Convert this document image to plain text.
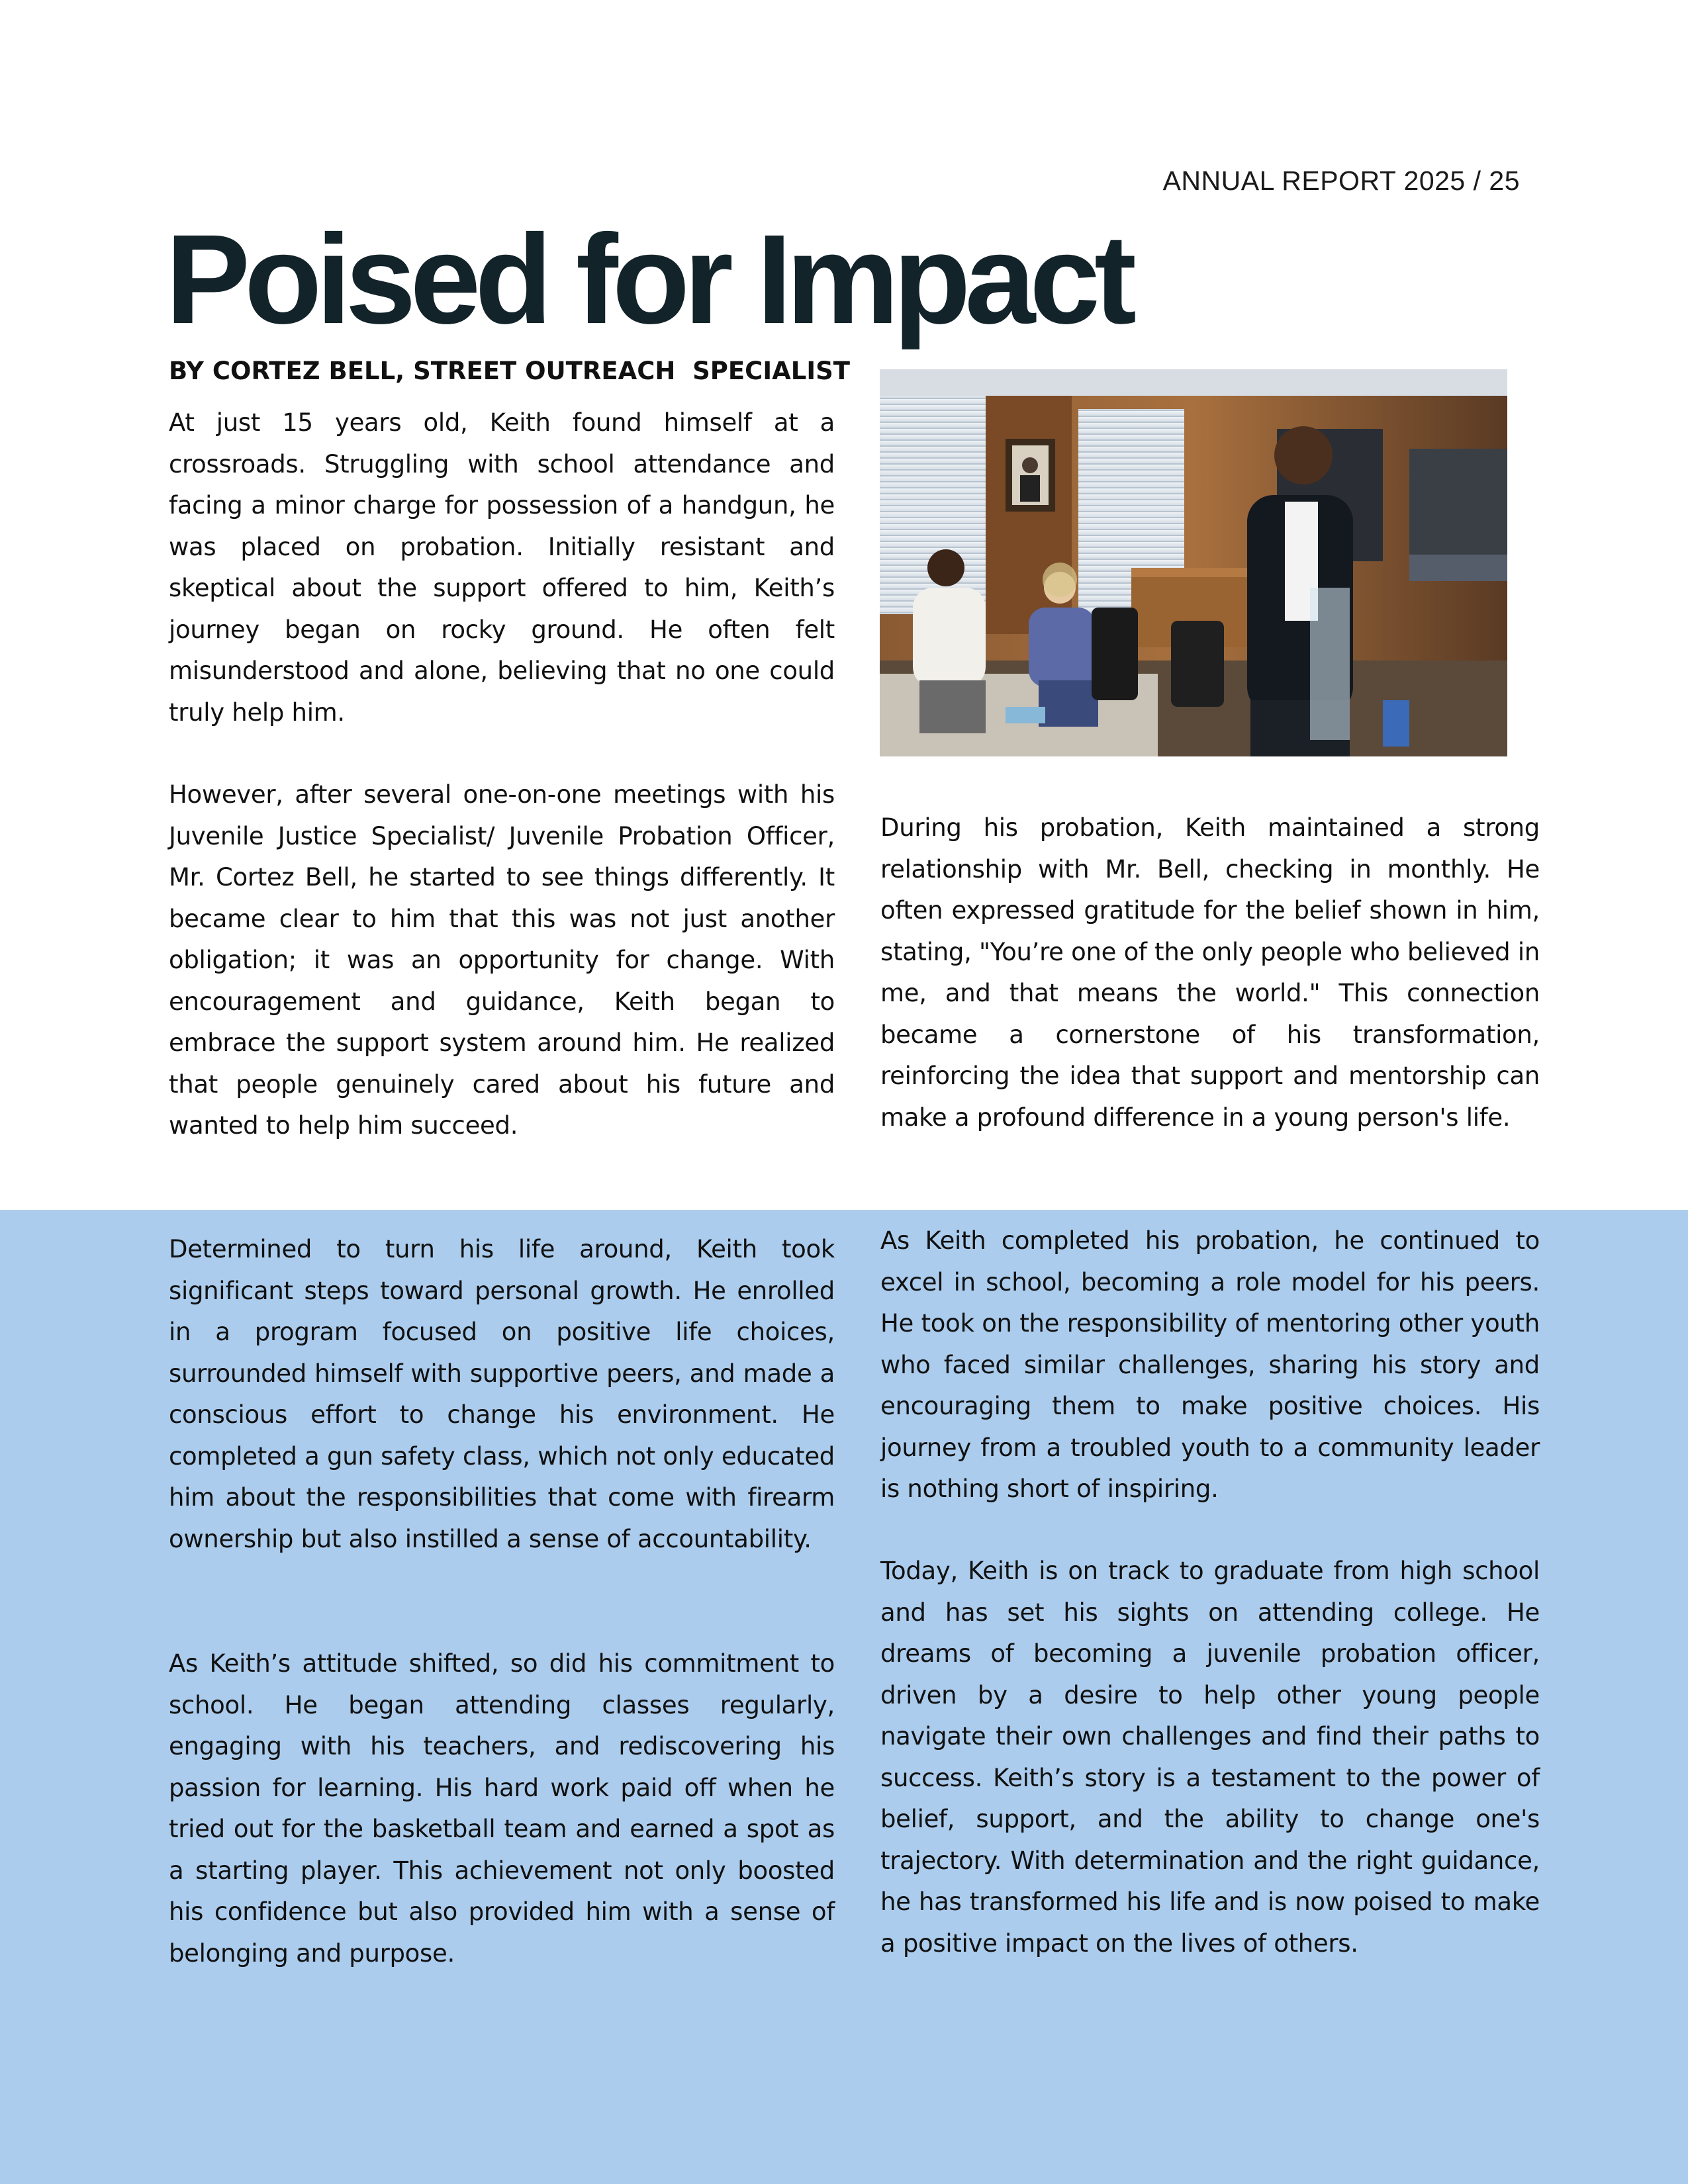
ANNUAL REPORT 2025 / 25
Poised for Impact
BY CORTEZ BELL, STREET OUTREACH  SPECIALIST

At just 15 years old, Keith found himself at a crossroads. Struggling with school attendance and facing a minor charge for possession of a handgun, he was placed on probation. Initially resistant and skeptical about the support offered to him, Keith’s journey began on rocky ground. He often felt misunderstood and alone, believing that no one could truly help him.

However, after several one-on-one meetings with his Juvenile Justice Specialist/ Juvenile Probation Officer, Mr. Cortez Bell, he started to see things differently. It became clear to him that this was not just another obligation; it was an opportunity for change. With encouragement and guidance, Keith began to embrace the support system around him. He realized that people genuinely cared about his future and wanted to help him succeed.

Determined to turn his life around, Keith took significant steps toward personal growth. He enrolled in a program focused on positive life choices, surrounded himself with supportive peers, and made a conscious effort to change his environment. He completed a gun safety class, which not only educated him about the responsibilities that come with firearm ownership but also instilled a sense of accountability.

As Keith’s attitude shifted, so did his commitment to school. He began attending classes regularly, engaging with his teachers, and rediscovering his passion for learning. His hard work paid off when he tried out for the basketball team and earned a spot as a starting player. This achievement not only boosted his confidence but also provided him with a sense of belonging and purpose.

During his probation, Keith maintained a strong relationship with Mr. Bell, checking in monthly. He often expressed gratitude for the belief shown in him, stating, "You’re one of the only people who believed in me, and that means the world." This connection became a cornerstone of his transformation, reinforcing the idea that support and mentorship can make a profound difference in a young person's life.

As Keith completed his probation, he continued to excel in school, becoming a role model for his peers. He took on the responsibility of mentoring other youth who faced similar challenges, sharing his story and encouraging them to make positive choices. His journey from a troubled youth to a community leader is nothing short of inspiring.

Today, Keith is on track to graduate from high school and has set his sights on attending college. He dreams of becoming a juvenile probation officer, driven by a desire to help other young people navigate their own challenges and find their paths to success. Keith’s story is a testament to the power of belief, support, and the ability to change one's trajectory. With determination and the right guidance, he has transformed his life and is now poised to make a positive impact on the lives of others.
